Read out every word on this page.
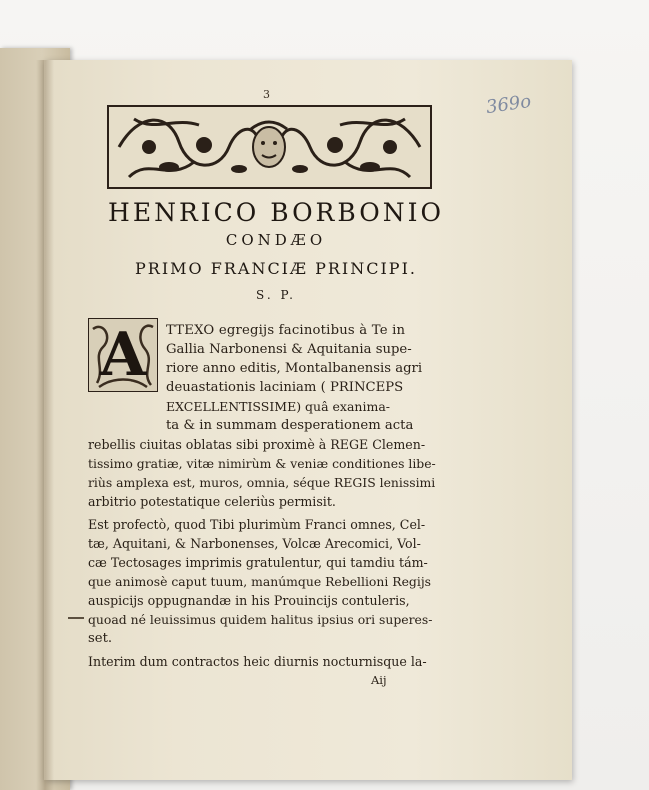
3	369o
HENRICO BORBONIO
CONDÆO
PRIMO FRANCIÆ PRINCIPI.
S. P.
A	TTEXO egregijs facinotibus à Te in
Gallia Narbonensi & Aquitania supe-
riore anno editis, Montalbanensis agri
deuastationis laciniam ( PRINCEPS
EXCELLENTISSIME) quâ exanima-
ta & in summam desperationem acta
rebellis ciuitas oblatas sibi proximè à REGE Clemen-
tissimo gratiæ, vitæ nimirùm & veniæ conditiones libe-
riùs amplexa est, muros, omnia, séque REGIS lenissimi
arbitrio potestatique celeriùs permisit.
Est profectò, quod Tibi plurimùm Franci omnes, Cel-
tæ, Aquitani, & Narbonenses, Volcæ Arecomici, Vol-
cæ Tectosages imprimis gratulentur, qui tamdiu tám-
que animosè caput tuum, manúmque Rebellioni Regijs
auspicijs oppugnandæ in his Prouincijs contuleris,
quoad né leuissimus quidem halitus ipsius ori superes-
set.
Interim dum contractos heic diurnis nocturnisque la-
Aij
